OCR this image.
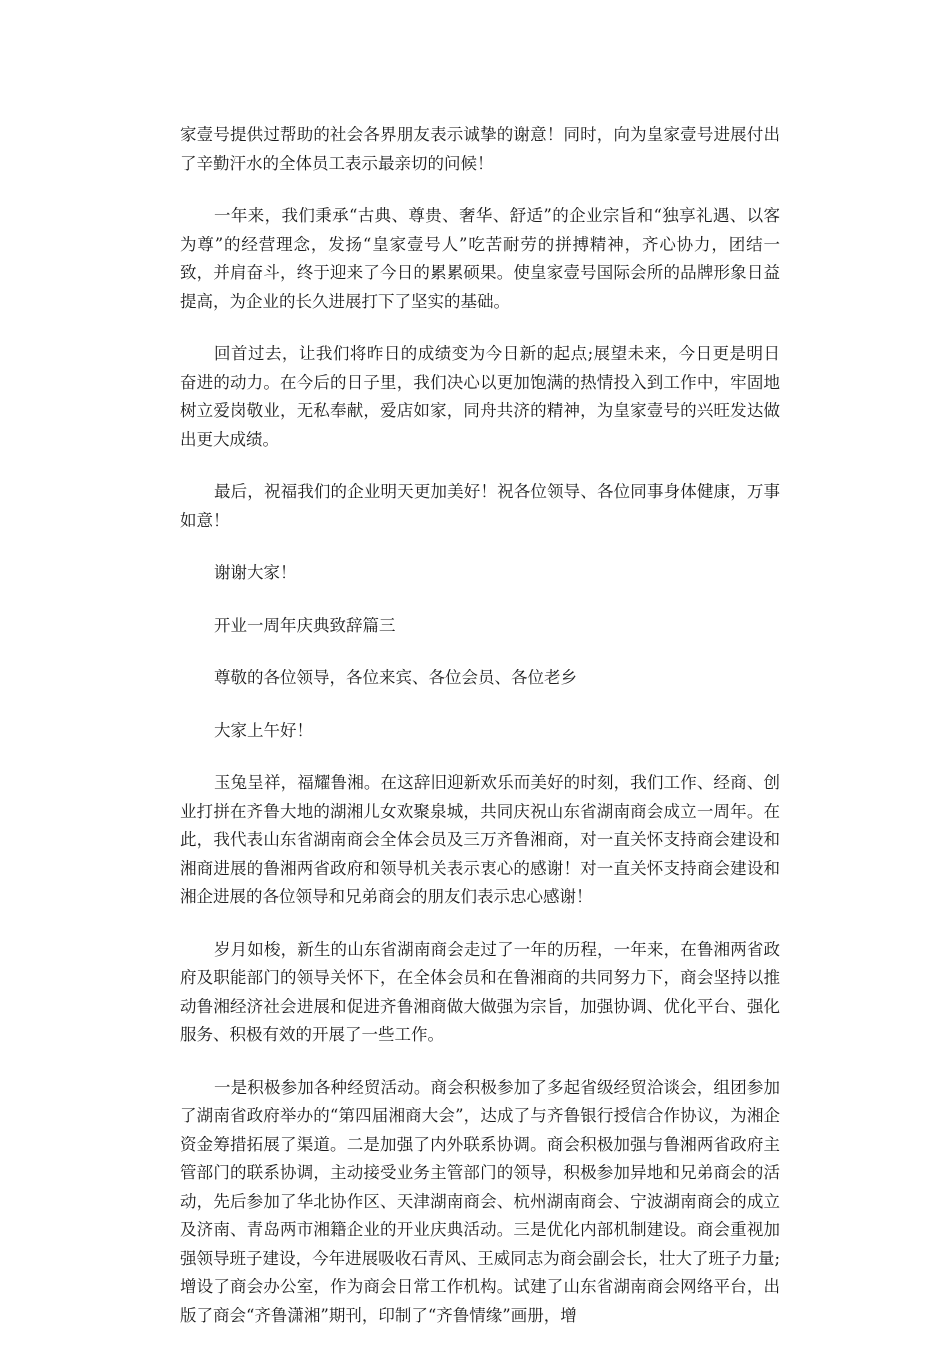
家壹号提供过帮助的社会各界朋友表示诚挚的谢意！同时，向为皇家壹号进展付出了辛勤汗水的全体员工表示最亲切的问候！

一年来，我们秉承“古典、尊贵、奢华、舒适”的企业宗旨和“独享礼遇、以客为尊”的经营理念，发扬“皇家壹号人”吃苦耐劳的拼搏精神，齐心协力，团结一致，并肩奋斗，终于迎来了今日的累累硕果。使皇家壹号国际会所的品牌形象日益提高，为企业的长久进展打下了坚实的基础。

回首过去，让我们将昨日的成绩变为今日新的起点;展望未来，今日更是明日奋进的动力。在今后的日子里，我们决心以更加饱满的热情投入到工作中，牢固地树立爱岗敬业，无私奉献，爱店如家，同舟共济的精神，为皇家壹号的兴旺发达做出更大成绩。

最后，祝福我们的企业明天更加美好！祝各位领导、各位同事身体健康，万事如意！

谢谢大家！

开业一周年庆典致辞篇三

尊敬的各位领导，各位来宾、各位会员、各位老乡

大家上午好！

玉兔呈祥，福耀鲁湘。在这辞旧迎新欢乐而美好的时刻，我们工作、经商、创业打拼在齐鲁大地的湖湘儿女欢聚泉城，共同庆祝山东省湖南商会成立一周年。在此，我代表山东省湖南商会全体会员及三万齐鲁湘商，对一直关怀支持商会建设和湘商进展的鲁湘两省政府和领导机关表示衷心的感谢！对一直关怀支持商会建设和湘企进展的各位领导和兄弟商会的朋友们表示忠心感谢！

岁月如梭，新生的山东省湖南商会走过了一年的历程，一年来，在鲁湘两省政府及职能部门的领导关怀下，在全体会员和在鲁湘商的共同努力下，商会坚持以推动鲁湘经济社会进展和促进齐鲁湘商做大做强为宗旨，加强协调、优化平台、强化服务、积极有效的开展了一些工作。

一是积极参加各种经贸活动。商会积极参加了多起省级经贸洽谈会，组团参加了湖南省政府举办的“第四届湘商大会”，达成了与齐鲁银行授信合作协议，为湘企资金筹措拓展了渠道。二是加强了内外联系协调。商会积极加强与鲁湘两省政府主管部门的联系协调，主动接受业务主管部门的领导，积极参加异地和兄弟商会的活动，先后参加了华北协作区、天津湖南商会、杭州湖南商会、宁波湖南商会的成立及济南、青岛两市湘籍企业的开业庆典活动。三是优化内部机制建设。商会重视加强领导班子建设，今年进展吸收石青风、王威同志为商会副会长，壮大了班子力量;增设了商会办公室，作为商会日常工作机构。试建了山东省湖南商会网络平台，出版了商会“齐鲁潇湘”期刊，印制了“齐鲁情缘”画册，增
